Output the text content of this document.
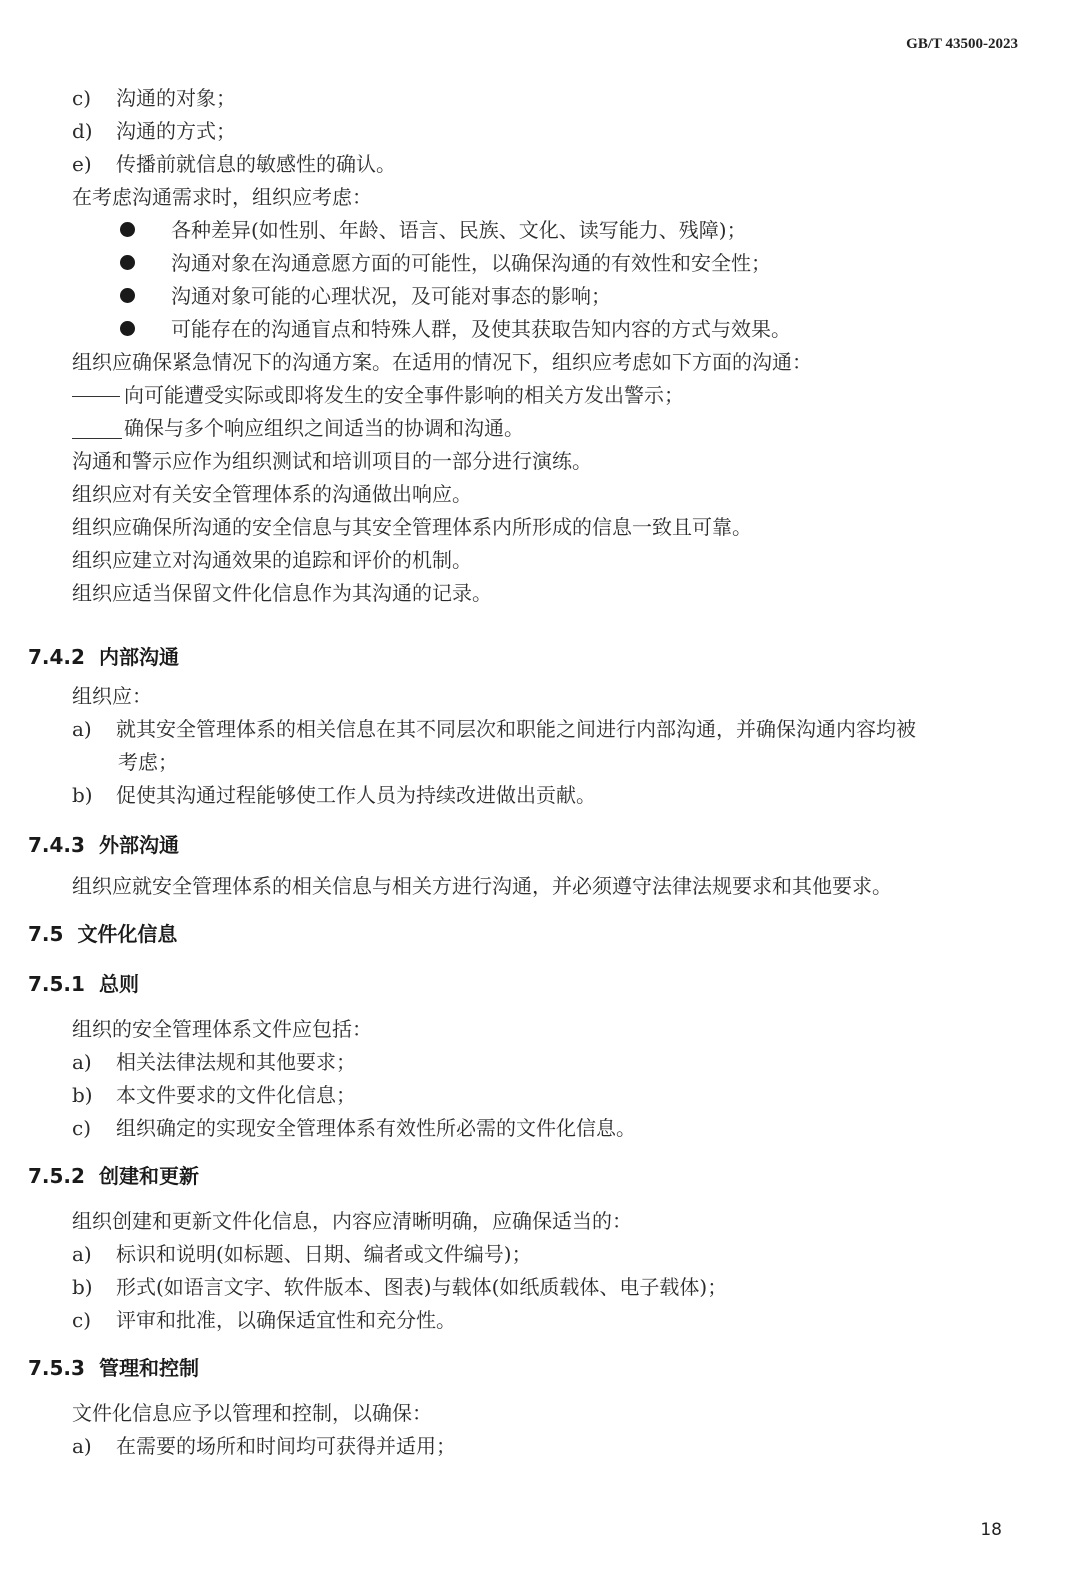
GB/T 43500-2023
c) 沟通的对象；
d) 沟通的方式；
e) 传播前就信息的敏感性的确认。
在考虑沟通需求时，组织应考虑：
各种差异(如性别、年龄、语言、民族、文化、读写能力、残障)；
沟通对象在沟通意愿方面的可能性，以确保沟通的有效性和安全性；
沟通对象可能的心理状况，及可能对事态的影响；
可能存在的沟通盲点和特殊人群，及使其获取告知内容的方式与效果。
组织应确保紧急情况下的沟通方案。在适用的情况下，组织应考虑如下方面的沟通：
向可能遭受实际或即将发生的安全事件影响的相关方发出警示；
确保与多个响应组织之间适当的协调和沟通。
沟通和警示应作为组织测试和培训项目的一部分进行演练。
组织应对有关安全管理体系的沟通做出响应。
组织应确保所沟通的安全信息与其安全管理体系内所形成的信息一致且可靠。
组织应建立对沟通效果的追踪和评价的机制。
组织应适当保留文件化信息作为其沟通的记录。
7.4.2 内部沟通
组织应：
a) 就其安全管理体系的相关信息在其不同层次和职能之间进行内部沟通，并确保沟通内容均被
考虑；
b) 促使其沟通过程能够使工作人员为持续改进做出贡献。
7.4.3 外部沟通
组织应就安全管理体系的相关信息与相关方进行沟通，并必须遵守法律法规要求和其他要求。
7.5 文件化信息
7.5.1 总则
组织的安全管理体系文件应包括：
a) 相关法律法规和其他要求；
b) 本文件要求的文件化信息；
c) 组织确定的实现安全管理体系有效性所必需的文件化信息。
7.5.2 创建和更新
组织创建和更新文件化信息，内容应清晰明确，应确保适当的：
a) 标识和说明(如标题、日期、编者或文件编号)；
b) 形式(如语言文字、软件版本、图表)与载体(如纸质载体、电子载体)；
c) 评审和批准，以确保适宜性和充分性。
7.5.3 管理和控制
文件化信息应予以管理和控制，以确保：
a) 在需要的场所和时间均可获得并适用；
18
